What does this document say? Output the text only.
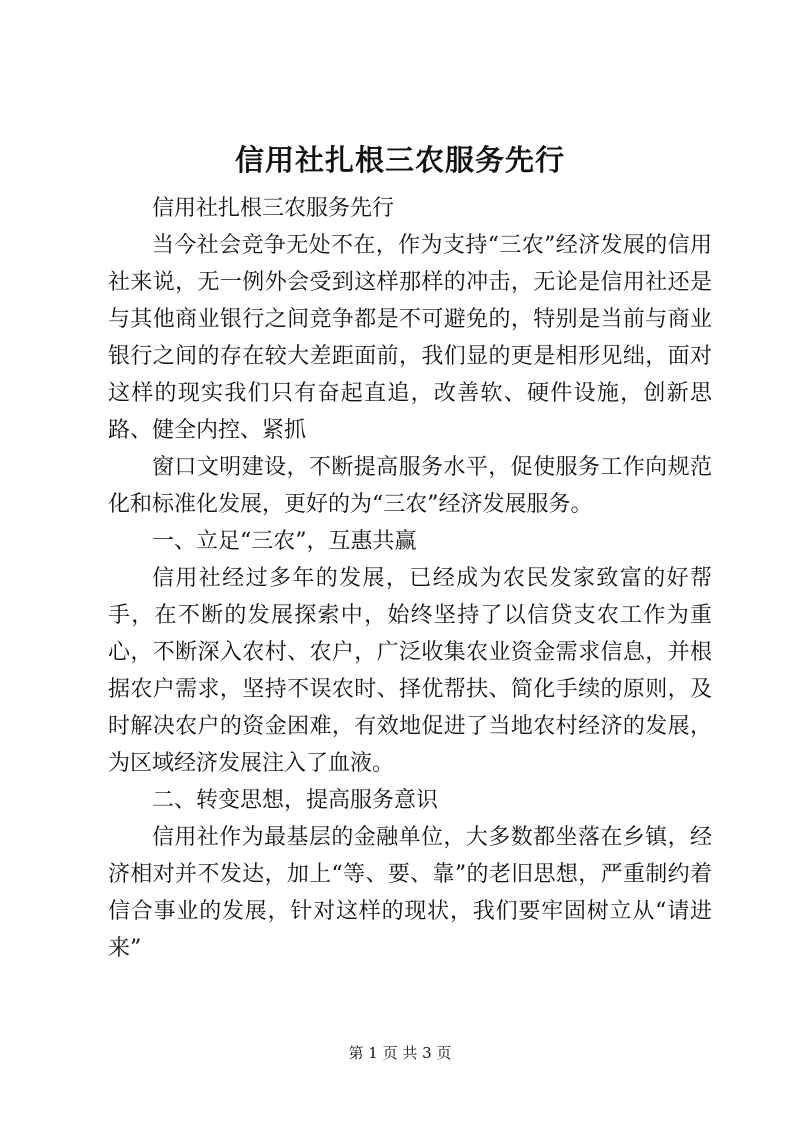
信用社扎根三农服务先行

信用社扎根三农服务先行

当今社会竞争无处不在，作为支持“三农”经济发展的信用社来说，无一例外会受到这样那样的冲击，无论是信用社还是与其他商业银行之间竞争都是不可避免的，特别是当前与商业银行之间的存在较大差距面前，我们显的更是相形见绌，面对这样的现实我们只有奋起直追，改善软、硬件设施，创新思路、健全内控、紧抓

窗口文明建设，不断提高服务水平，促使服务工作向规范化和标准化发展，更好的为“三农”经济发展服务。

一、立足“三农”，互惠共赢

信用社经过多年的发展，已经成为农民发家致富的好帮手，在不断的发展探索中，始终坚持了以信贷支农工作为重心，不断深入农村、农户，广泛收集农业资金需求信息，并根据农户需求，坚持不误农时、择优帮扶、简化手续的原则，及时解决农户的资金困难，有效地促进了当地农村经济的发展，为区域经济发展注入了血液。

二、转变思想，提高服务意识

信用社作为最基层的金融单位，大多数都坐落在乡镇，经济相对并不发达，加上“等、要、靠”的老旧思想，严重制约着信合事业的发展，针对这样的现状，我们要牢固树立从“请进来”

第 1 页 共 3 页
